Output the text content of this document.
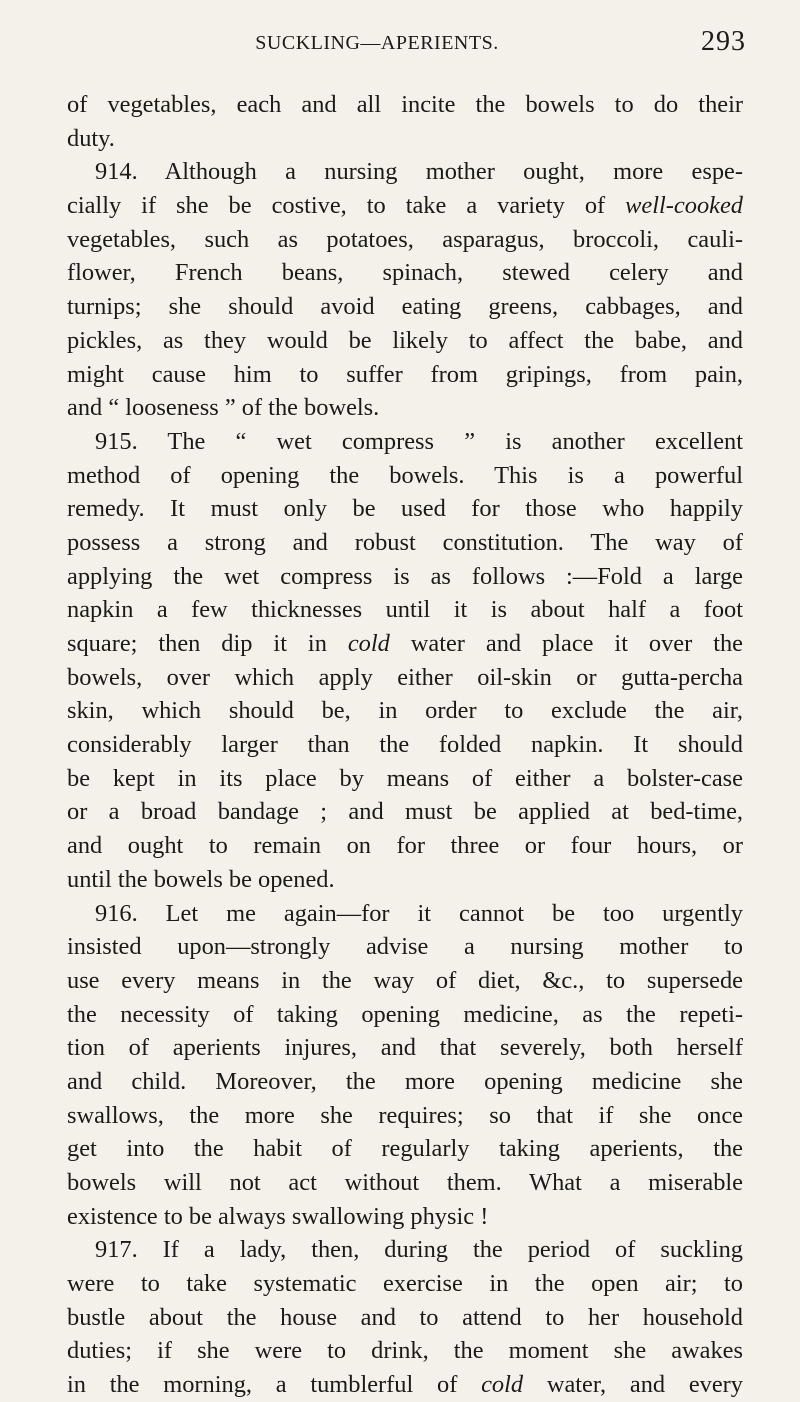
SUCKLING—APERIENTS.	293
of vegetables, each and all incite the bowels to do their
duty.
914. Although a nursing mother ought, more espe-
cially if she be costive, to take a variety of well-cooked
vegetables, such as potatoes, asparagus, broccoli, cauli-
flower, French beans, spinach, stewed celery and
turnips; she should avoid eating greens, cabbages, and
pickles, as they would be likely to affect the babe, and
might cause him to suffer from gripings, from pain,
and “ looseness ” of the bowels.
915. The “ wet compress ” is another excellent
method of opening the bowels. This is a powerful
remedy. It must only be used for those who happily
possess a strong and robust constitution. The way of
applying the wet compress is as follows :—Fold a large
napkin a few thicknesses until it is about half a foot
square; then dip it in cold water and place it over the
bowels, over which apply either oil-skin or gutta-percha
skin, which should be, in order to exclude the air,
considerably larger than the folded napkin. It should
be kept in its place by means of either a bolster-case
or a broad bandage ; and must be applied at bed-time,
and ought to remain on for three or four hours, or
until the bowels be opened.
916. Let me again—for it cannot be too urgently
insisted upon—strongly advise a nursing mother to
use every means in the way of diet, &c., to supersede
the necessity of taking opening medicine, as the repeti-
tion of aperients injures, and that severely, both herself
and child. Moreover, the more opening medicine she
swallows, the more she requires; so that if she once
get into the habit of regularly taking aperients, the
bowels will not act without them. What a miserable
existence to be always swallowing physic !
917. If a lady, then, during the period of suckling
were to take systematic exercise in the open air; to
bustle about the house and to attend to her household
duties; if she were to drink, the moment she awakes
in the morning, a tumblerful of cold water, and every
